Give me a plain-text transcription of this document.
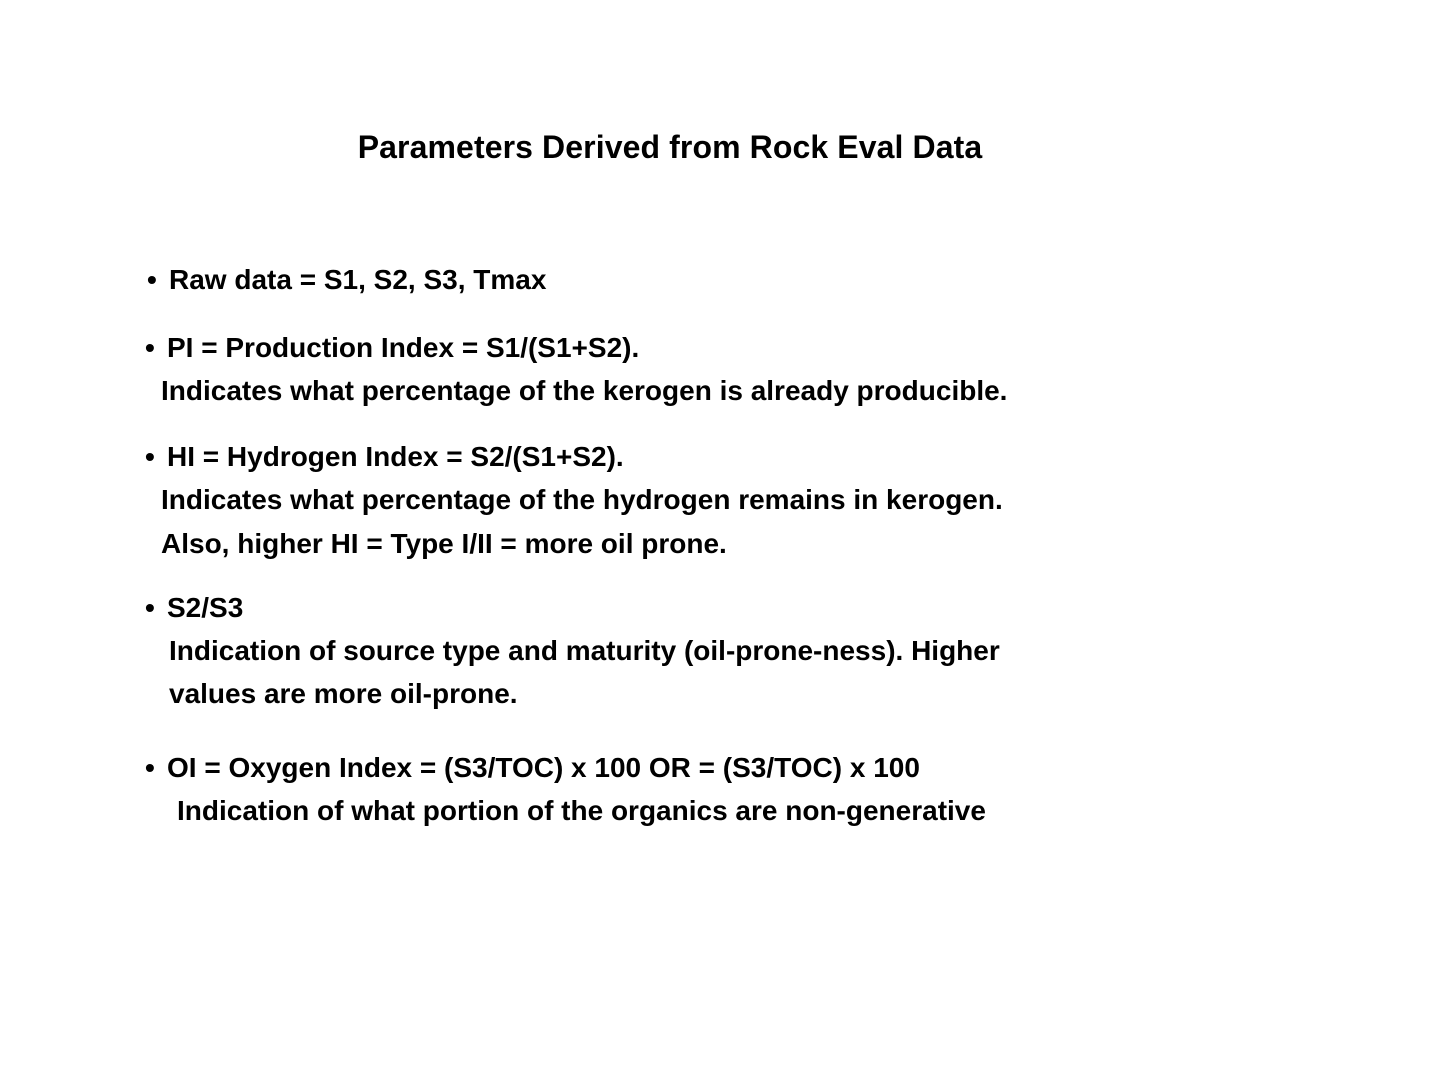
Parameters Derived from Rock Eval Data
• Raw data = S1, S2, S3, Tmax
• PI = Production Index = S1/(S1+S2).
Indicates what percentage of the kerogen is already producible.
• HI = Hydrogen Index = S2/(S1+S2).
Indicates what percentage of the hydrogen remains in kerogen.
Also, higher HI = Type I/II = more oil prone.
• S2/S3
Indication of source type and maturity (oil-prone-ness). Higher
values are more oil-prone.
• OI = Oxygen Index = (S3/TOC) x 100 OR = (S3/TOC) x 100
Indication of what portion of the organics are non-generative
